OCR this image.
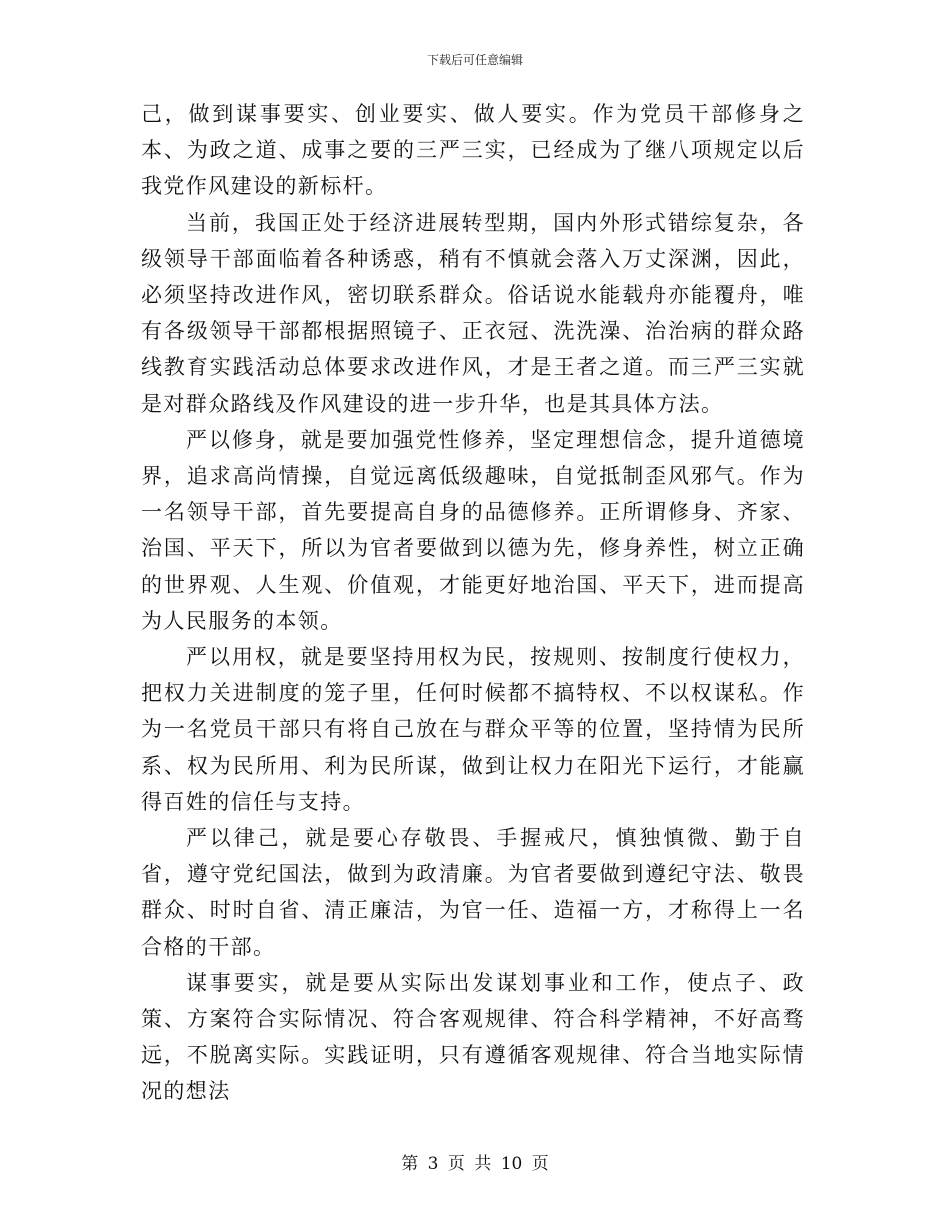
下载后可任意编辑

己，做到谋事要实、创业要实、做人要实。作为党员干部修身之本、为政之道、成事之要的三严三实，已经成为了继八项规定以后我党作风建设的新标杆。

当前，我国正处于经济进展转型期，国内外形式错综复杂，各级领导干部面临着各种诱惑，稍有不慎就会落入万丈深渊，因此，必须坚持改进作风，密切联系群众。俗话说水能载舟亦能覆舟，唯有各级领导干部都根据照镜子、正衣冠、洗洗澡、治治病的群众路线教育实践活动总体要求改进作风，才是王者之道。而三严三实就是对群众路线及作风建设的进一步升华，也是其具体方法。

严以修身，就是要加强党性修养，坚定理想信念，提升道德境界，追求高尚情操，自觉远离低级趣味，自觉抵制歪风邪气。作为一名领导干部，首先要提高自身的品德修养。正所谓修身、齐家、治国、平天下，所以为官者要做到以德为先，修身养性，树立正确的世界观、人生观、价值观，才能更好地治国、平天下，进而提高为人民服务的本领。

严以用权，就是要坚持用权为民，按规则、按制度行使权力，把权力关进制度的笼子里，任何时候都不搞特权、不以权谋私。作为一名党员干部只有将自己放在与群众平等的位置，坚持情为民所系、权为民所用、利为民所谋，做到让权力在阳光下运行，才能赢得百姓的信任与支持。

严以律己，就是要心存敬畏、手握戒尺，慎独慎微、勤于自省，遵守党纪国法，做到为政清廉。为官者要做到遵纪守法、敬畏群众、时时自省、清正廉洁，为官一任、造福一方，才称得上一名合格的干部。

谋事要实，就是要从实际出发谋划事业和工作，使点子、政策、方案符合实际情况、符合客观规律、符合科学精神，不好高骛远，不脱离实际。实践证明，只有遵循客观规律、符合当地实际情况的想法

第 3 页 共 10 页
